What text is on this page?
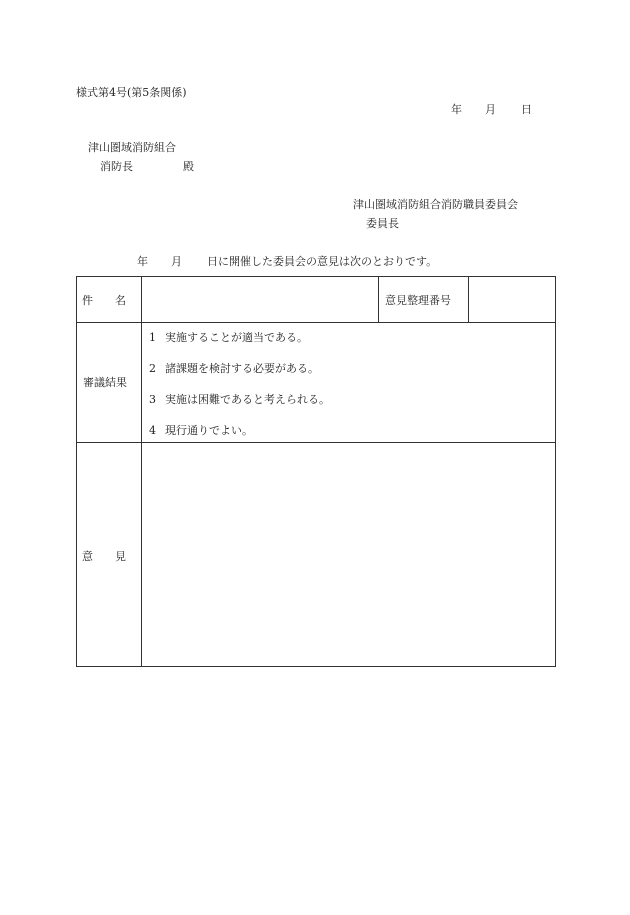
様式第4号(第5条関係)
年 月 日
津山圏域消防組合
消防長	殿
津山圏域消防組合消防職員委員会
委員長
年 月 日に開催した委員会の意見は次のとおりです。
件　　名	意見整理番号
審議結果
1 実施することが適当である。
2 諸課題を検討する必要がある。
3 実施は困難であると考えられる。
4 現行通りでよい。
意　　見
